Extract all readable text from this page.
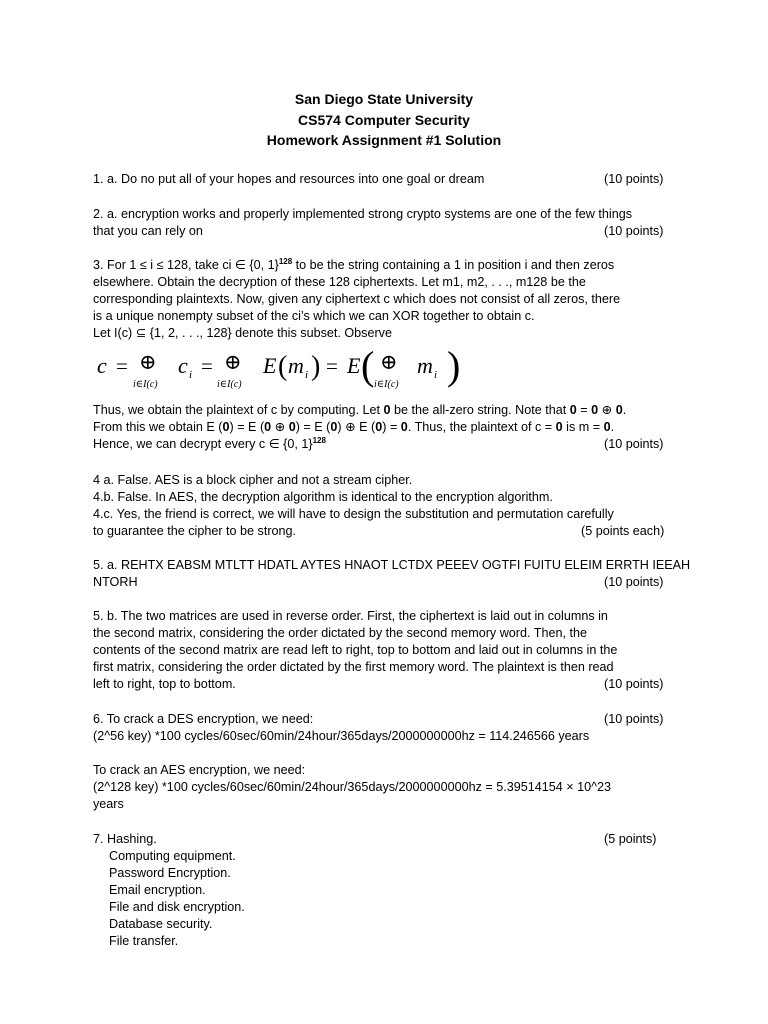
San Diego State University
CS574 Computer Security
Homework Assignment #1 Solution
1. a. Do no put all of your hopes and resources into one goal or dream	(10 points)
2. a. encryption works and properly implemented strong crypto systems are one of the few things
that you can rely on	(10 points)
3. For 1 ≤ i ≤ 128, take ci ∈ {0, 1}$^{128}$ to be the string containing a 1 in position i and then zeros
elsewhere. Obtain the decryption of these 128 ciphertexts. Let m1, m2, . . ., m128 be the
corresponding plaintexts. Now, given any ciphertext c which does not consist of all zeros, there
is a unique nonempty subset of the ci’s which we can XOR together to obtain c.
Let I(c) ⊆ {1, 2, . . ., 128} denote this subset. Observe
c = ⊕
i∈I(c)
c i = ⊕
i∈I(c)
E ( m i ) = E ( ⊕
i∈I(c)
m i )
Thus, we obtain the plaintext of c by computing. Let 0 be the all-zero string. Note that 0 = 0 ⊕ 0.
From this we obtain E (0) = E (0 ⊕ 0) = E (0) ⊕ E (0) = 0. Thus, the plaintext of c = 0 is m = 0.
Hence, we can decrypt every c ∈ {0, 1}$^{128}$	(10 points)
4 a. False. AES is a block cipher and not a stream cipher.
4.b. False. In AES, the decryption algorithm is identical to the encryption algorithm.
4.c. Yes, the friend is correct, we will have to design the substitution and permutation carefully
to guarantee the cipher to be strong.	(5 points each)
5. a. REHTX EABSM MTLTT HDATL AYTES HNAOT LCTDX PEEEV OGTFI FUITU ELEIM ERRTH IEEAH
NTORH	(10 points)
5. b. The two matrices are used in reverse order. First, the ciphertext is laid out in columns in
the second matrix, considering the order dictated by the second memory word. Then, the
contents of the second matrix are read left to right, top to bottom and laid out in columns in the
first matrix, considering the order dictated by the first memory word. The plaintext is then read
left to right, top to bottom.	(10 points)
6. To crack a DES encryption, we need:	(10 points)
(2^56 key) *100 cycles/60sec/60min/24hour/365days/2000000000hz = 114.246566 years
To crack an AES encryption, we need:
(2^128 key) *100 cycles/60sec/60min/24hour/365days/2000000000hz = 5.39514154 × 10^23
years
7. Hashing.	(5 points)
Computing equipment.
Password Encryption.
Email encryption.
File and disk encryption.
Database security.
File transfer.
